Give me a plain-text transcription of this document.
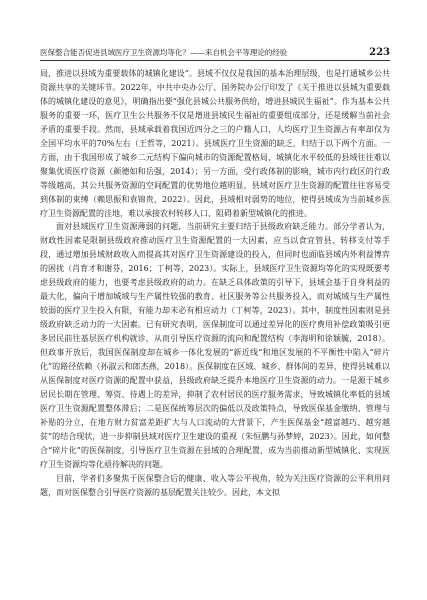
医保整合能否促进县域医疗卫生资源均等化？——来自机会平等理论的经验	223

局，推进以县域为重要载体的城镇化建设”。县域不仅仅是我国的基本治理层级，也是打通城乡公共资源共享的关键环节。2022年，中共中央办公厅、国务院办公厅印发了《关于推进以县城为重要载体的城镇化建设的意见》，明确指出要“强化县城公共服务供给，增进县城民生福祉”。作为基本公共服务的重要一环，医疗卫生公共服务不仅是增进县域民生福祉的重要组成部分，还是缓解当前社会矛盾的重要手段。然而，县域承载着我国近四分之三的户籍人口，人均医疗卫生资源占有率却仅为全国平均水平的70%左右（王哲等，2021）。县域医疗卫生资源的缺乏，归结于以下两个方面。一方面，由于我国形成了城乡二元结构下偏向城市的资源配置格局，城镇化水平较低的县域往往难以聚集优质医疗资源（颜德如和岳强，2014）；另一方面，受行政体制的影响，城市内行政区的行政等级越高，其公共服务资源的空间配置的优势地位越明显，县域对医疗卫生资源的配置往往容易受到体制的束缚（赖思振和袁锦贵，2022）。因此，县域相对弱势的地位，使得县域成为当前城乡医疗卫生资源配置的洼地，难以承接农村转移人口，阻碍着新型城镇化的推进。

面对县域医疗卫生资源薄弱的问题，当前研究主要归结于县级政府缺乏能力。部分学者认为，财政性因素是限制县级政府推动医疗卫生资源配置的一大因素，应当以食宜管县、转移支付等手段，通过增加县域财政收入而提高其对医疗卫生资源建设的投入，但同时也面临县域内外利益博弈的困扰（肖育才和谢芬，2016；丁柯等，2023）。实际上，县域医疗卫生资源均等化的实现既要考虑县级政府的能力，也要考虑县级政府的动力。在缺乏具体政策的引导下，县域会基于自身利益的最大化，偏向于增加城域与生产属性较强的教育、社区服务等公共服务投入，而对城域与生产属性较弱的医疗卫生投入有限，有能力却未必有相应动力（丁柯等，2023）。其中，制度性因素则是县级政府缺乏动力的一大因素。已有研究表明，医保制度可以通过差异化的医疗费用补偿政策吸引更多居民前往基层医疗机构就诊，从而引导医疗资源的流向和配置结构（李海明和徐颖毓，2018）。但政事开放后，我国医保制度却在城乡一体化发展的“新近线”和地区发展的不平衡性中陷入“碎片化”的路径依赖（孙淑云和郎杰燕，2018）。医保制度在区域、城乡、群体间的差异，使得县城难以从医保制度对医疗资源的配置中获益，县级政府缺乏提升本地医疗卫生资源的动力。一是源于城乡居民长期在管理、筹资、待遇上的差异，抑制了农村居民的医疗服务需求，导致城镇化率低的县域医疗卫生资源配置整体滞后；二是医保统筹层次的偏低以及政策特点，导致医保基金缴纳、管理与补贴的分立，在地方财力贫富差距扩大与人口流动的大背景下，产生医保基金“越富越巧、越穷越贫”的结合现状，进一步抑制县域对医疗卫生建设的重视（朱恒鹏与孙梦婷，2023）。因此，如何整合“碎片化”的医保制度，引导医疗卫生资源在县域的合理配置，成为当前推动新型城镇化、实现医疗卫生资源均等化亟待解决的问题。

目前，学者们多聚焦于医保整合后的健康、收入等公平视角，较为关注医疗资源的公平利用问题，而对医保整合引导医疗资源的基层配置关注较少。因此，本文拟
